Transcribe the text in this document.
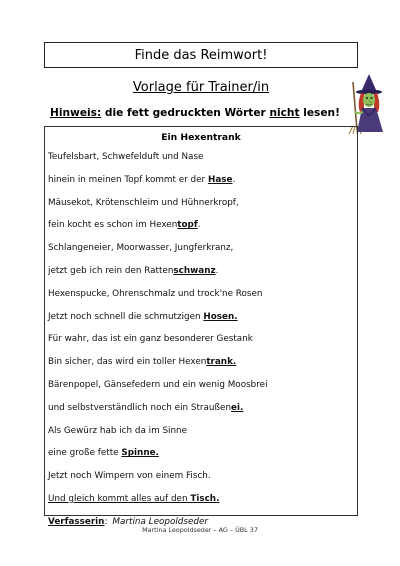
Finde das Reimwort!
Vorlage für Trainer/in
Hinweis: die fett gedruckten Wörter nicht lesen!
Ein Hexentrank
Teufelsbart, Schwefelduft und Nase
hinein in meinen Topf kommt er der Hase.
Mäusekot, Krötenschleim und Hühnerkropf,
fein kocht es schon im Hexentopf.
Schlangeneier, Moorwasser, Jungferkranz,
jetzt geb ich rein den Rattenschwanz.
Hexenspucke, Ohrenschmalz und trock'ne Rosen
Jetzt noch schnell die schmutzigen Hosen.
Für wahr, das ist ein ganz besonderer Gestank
Bin sicher, das wird ein toller Hexentrank.
Bärenpopel, Gänsefedern und ein wenig Moosbrei
und selbstverständlich noch ein Straußenei.
Als Gewürz hab ich da im Sinne
eine große fette Spinne.
Jetzt noch Wimpern von einem Fisch.
Und gleich kommt alles auf den Tisch.
Verfasserin: Martina Leopoldseder
Martina Leopoldseder – AG – ÜBL 37
